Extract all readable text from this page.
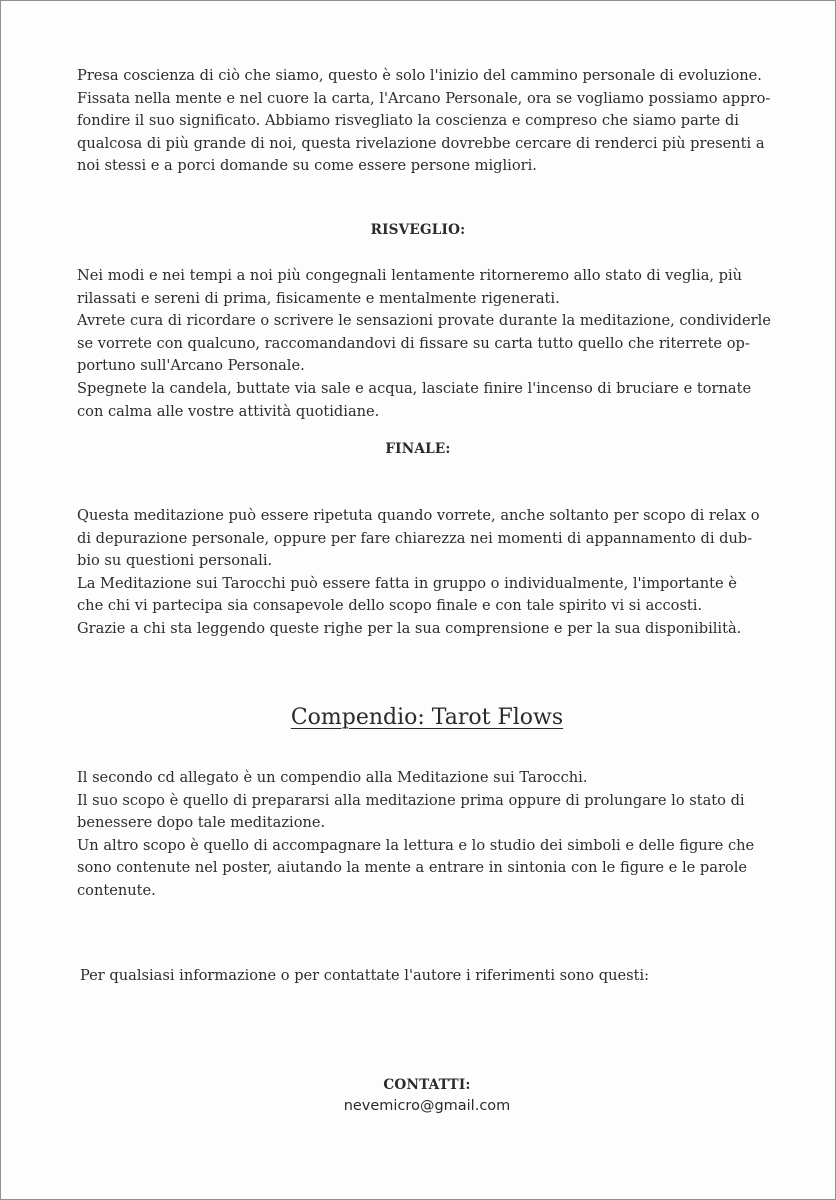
Presa coscienza di ciò che siamo, questo è solo l'inizio del cammino personale di evoluzione.
Fissata nella mente e nel cuore la carta, l'Arcano Personale, ora se vogliamo possiamo appro-
fondire il suo significato. Abbiamo risvegliato la coscienza e compreso che siamo parte di
qualcosa di più grande di noi, questa rivelazione dovrebbe cercare di renderci più presenti a
noi stessi e a porci domande su come essere persone migliori.
RISVEGLIO:
Nei modi e nei tempi a noi più congegnali lentamente ritorneremo allo stato di veglia, più
rilassati e sereni di prima, fisicamente e mentalmente rigenerati.
Avrete cura di ricordare o scrivere le sensazioni provate durante la meditazione, condividerle
se vorrete con qualcuno, raccomandandovi di fissare su carta tutto quello che riterrete op-
portuno sull'Arcano Personale.
Spegnete la candela, buttate via sale e acqua, lasciate finire l'incenso di bruciare e tornate
con calma alle vostre attività quotidiane.
FINALE:
Questa meditazione può essere ripetuta quando vorrete, anche soltanto per scopo di relax o
di depurazione personale, oppure per fare chiarezza nei momenti di appannamento di dub-
bio su questioni personali.
La Meditazione sui Tarocchi può essere fatta in gruppo o individualmente, l'importante è
che chi vi partecipa sia consapevole dello scopo finale e con tale spirito vi si accosti.
Grazie a chi sta leggendo queste righe per la sua comprensione e per la sua disponibilità.
Compendio: Tarot Flows
Il secondo cd allegato è un compendio alla Meditazione sui Tarocchi.
Il suo scopo è quello di prepararsi alla meditazione prima oppure di prolungare lo stato di
benessere dopo tale meditazione.
Un altro scopo è quello di accompagnare la lettura e lo studio dei simboli e delle figure che
sono contenute nel poster, aiutando la mente a entrare in sintonia con le figure e le parole
contenute.
Per qualsiasi informazione o per contattate l'autore i riferimenti sono questi:
CONTATTI:
nevemicro@gmail.com
